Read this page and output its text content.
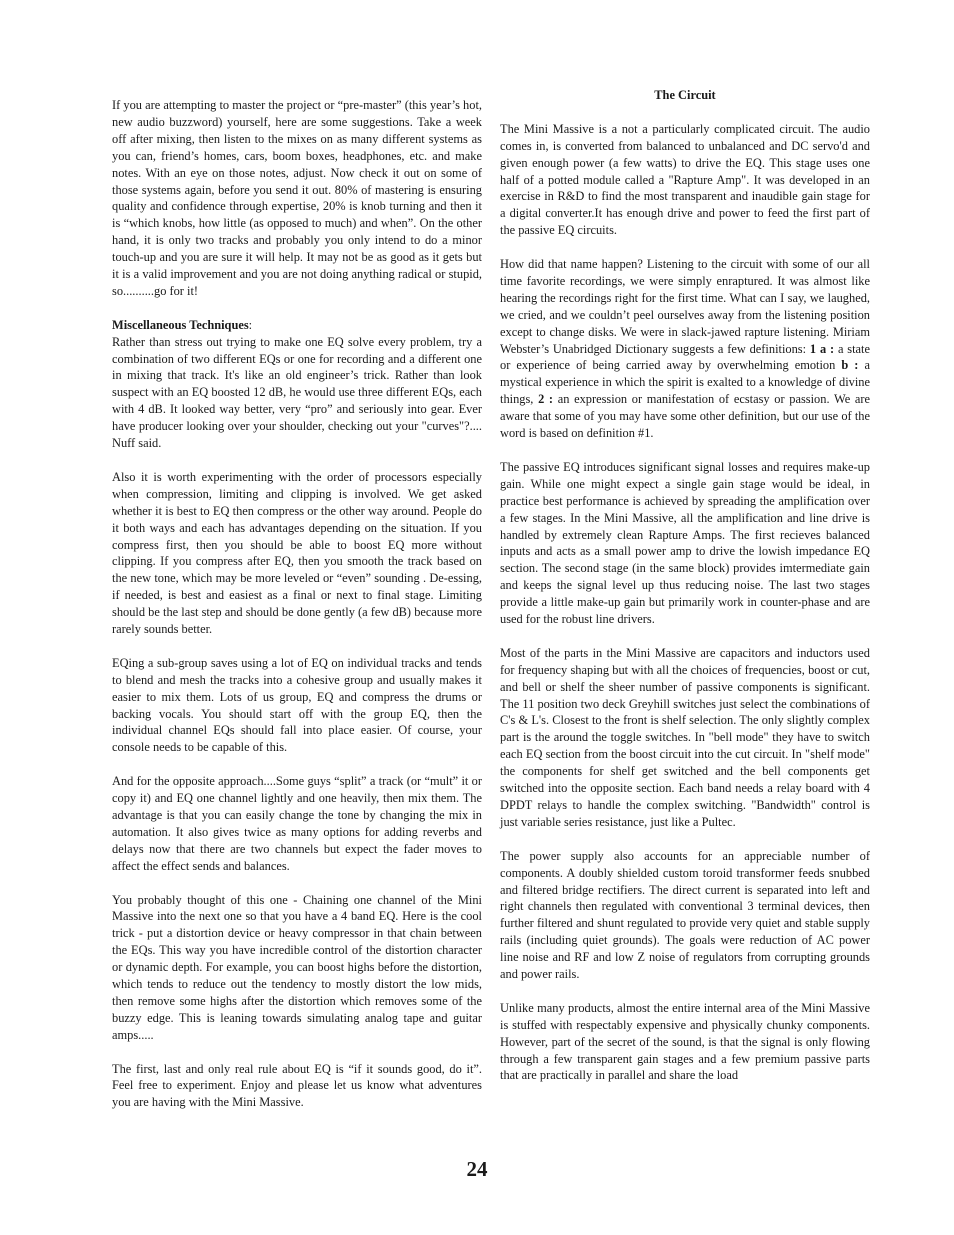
If you are attempting to master the project or “pre-master” (this year’s hot, new audio buzzword) yourself, here are some suggestions. Take a week off after mixing, then listen to the mixes on as many different systems as you can, friend’s homes, cars, boom boxes, headphones, etc. and make notes. With an eye on those notes, adjust. Now check it out on some of those systems again, before you send it out. 80% of mastering is ensuring quality and confidence through expertise, 20% is knob turning and then it is “which knobs, how little (as opposed to much) and when”. On the other hand, it is only two tracks and probably you only intend to do a minor touch-up and you are sure it will help. It may not be as good as it gets but it is a valid improvement and you are not doing anything radical or stupid, so..........go for it!

Miscellaneous Techniques:

Rather than stress out trying to make one EQ solve every problem, try a combination of two different EQs or one for recording and a different one in mixing that track. It's like an old engineer’s trick. Rather than look suspect with an EQ boosted 12 dB, he would use three different EQs, each with 4 dB. It looked way better, very “pro” and seriously into gear. Ever have producer looking over your shoulder, checking out your "curves"?.... Nuff said.

Also it is worth experimenting with the order of processors especially when compression, limiting and clipping is involved. We get asked whether it is best to EQ then compress or the other way around. People do it both ways and each has advantages depending on the situation. If you compress first, then you should be able to boost EQ more without clipping. If you compress after EQ, then you smooth the track based on the new tone, which may be more leveled or “even” sounding . De-essing, if needed, is best and easiest as a final or next to final stage. Limiting should be the last step and should be done gently (a few dB) because more rarely sounds better.

EQing a sub-group saves using a lot of EQ on individual tracks and tends to blend and mesh the tracks into a cohesive group and usually makes it easier to mix them. Lots of us group, EQ and compress the drums or backing vocals. You should start off with the group EQ, then the individual channel EQs should fall into place easier. Of course, your console needs to be capable of this.

And for the opposite approach....Some guys “split” a track (or “mult” it or copy it) and EQ one channel lightly and one heavily, then mix them. The advantage is that you can easily change the tone by changing the mix in automation. It also gives twice as many options for adding reverbs and delays now that there are two channels but expect the fader moves to affect the effect sends and balances.

You probably thought of this one - Chaining one channel of the Mini Massive into the next one so that you have a 4 band EQ. Here is the cool trick - put a distortion device or heavy compressor in that chain between the EQs. This way you have incredible control of the distortion character or dynamic depth. For example, you can boost highs before the distortion, which tends to reduce out the tendency to mostly distort the low mids, then remove some highs after the distortion which removes some of the buzzy edge. This is leaning towards simulating analog tape and guitar amps.....

The first, last and only real rule about EQ is “if it sounds good, do it”. Feel free to experiment. Enjoy and please let us know what adventures you are having with the Mini Massive.

The Circuit

The Mini Massive is a not a particularly complicated circuit. The audio comes in, is converted from balanced to unbalanced and DC servo'd and given enough power (a few watts) to drive the EQ. This stage uses one half of a potted module called a "Rapture Amp". It was developed in an exercise in R&D to find the most transparent and inaudible gain stage for a digital converter.It has enough drive and power to feed the first part of the passive EQ circuits.

How did that name happen? Listening to the circuit with some of our all time favorite recordings, we were simply enraptured. It was almost like hearing the recordings right for the first time. What can I say, we laughed, we cried, and we couldn’t peel ourselves away from the listening position except to change disks. We were in slack-jawed rapture listening. Miriam Webster’s Unabridged Dictionary suggests a few definitions: 1 a : a state or experience of being carried away by overwhelming emotion b : a mystical experience in which the spirit is exalted to a knowledge of divine things, 2 : an expression or manifestation of ecstasy or passion. We are aware that some of you may have some other definition, but our use of the word is based on definition #1.

The passive EQ introduces significant signal losses and requires make-up gain. While one might expect a single gain stage would be ideal, in practice best performance is achieved by spreading the amplification over a few stages. In the Mini Massive, all the amplification and line drive is handled by extremely clean Rapture Amps. The first recieves balanced inputs and acts as a small power amp to drive the lowish impedance EQ section. The second stage (in the same block) provides imtermediate gain and keeps the signal level up thus reducing noise. The last two stages provide a little make-up gain but primarily work in counter-phase and are used for the robust line drivers.

Most of the parts in the Mini Massive are capacitors and inductors used for frequency shaping but with all the choices of frequencies, boost or cut, and bell or shelf the sheer number of passive components is significant. The 11 position two deck Greyhill switches just select the combinations of C's & L's. Closest to the front is shelf selection. The only slightly complex part is the around the toggle switches. In "bell mode" they have to switch each EQ section from the boost circuit into the cut circuit. In "shelf mode" the components for shelf get switched and the bell components get switched into the opposite section. Each band needs a relay board with 4 DPDT relays to handle the complex switching. "Bandwidth" control is just variable series resistance, just like a Pultec.

The power supply also accounts for an appreciable number of components. A doubly shielded custom toroid transformer feeds snubbed and filtered bridge rectifiers. The direct current is separated into left and right channels then regulated with conventional 3 terminal devices, then further filtered and shunt regulated to provide very quiet and stable supply rails (including quiet grounds). The goals were reduction of AC power line noise and RF and low Z noise of regulators from corrupting grounds and power rails.

Unlike many products, almost the entire internal area of the Mini Massive is stuffed with respectably expensive and physically chunky components. However, part of the secret of the sound, is that the signal is only flowing through a few transparent gain stages and a few premium passive parts that are practically in parallel and share the load

24
